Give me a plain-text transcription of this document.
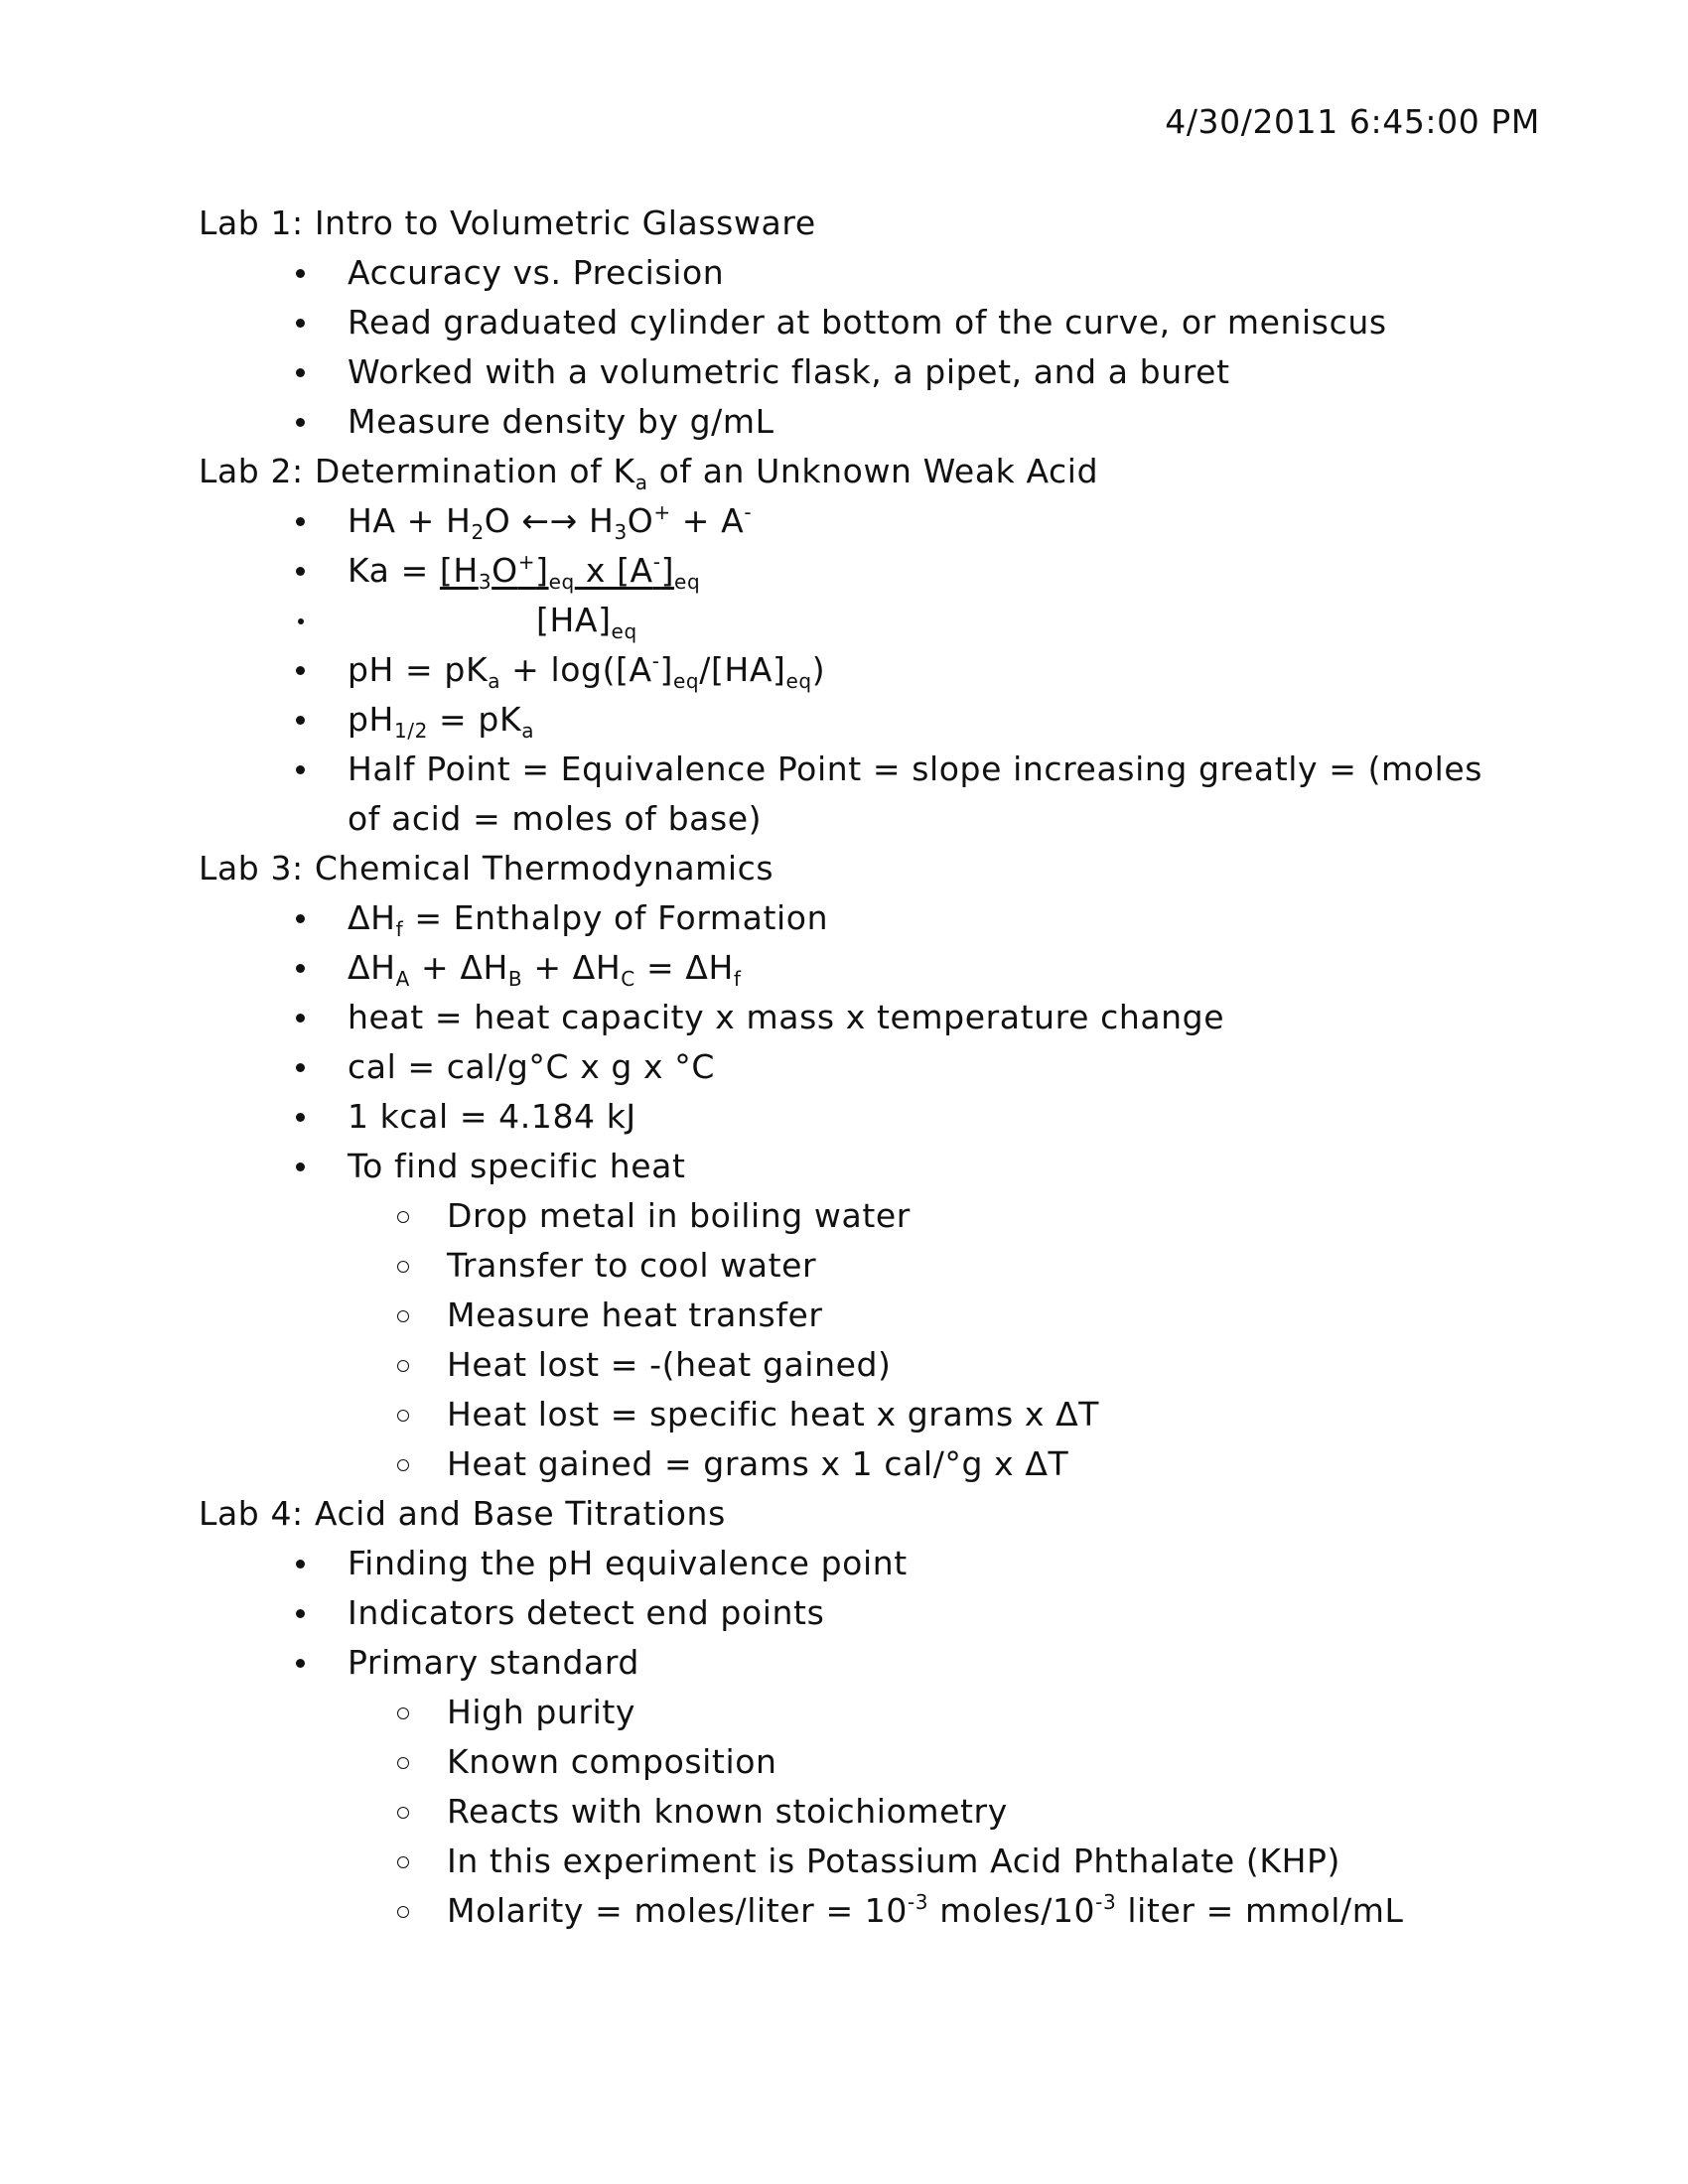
4/30/2011 6:45:00 PM
Lab 1: Intro to Volumetric Glassware
Accuracy vs. Precision
Read graduated cylinder at bottom of the curve, or meniscus
Worked with a volumetric flask, a pipet, and a buret
Measure density by g/mL
Lab 2: Determination of $K_a$ of an Unknown Weak Acid
HA + $H_2O$ ←→ $H_3O^+ + A^-$
$Ka = [H_3O^+]_{eq}$ x $[A^-]_{eq}$
$[HA]_{eq}$
pH = $pK_a + \log([A^-]_{eq}/[HA]_{eq})$
$pH_{1/2} = pK_a$
Half Point = Equivalence Point = slope increasing greatly = (moles of acid = moles of base)
Lab 3: Chemical Thermodynamics
$\Delta H_f$ = Enthalpy of Formation
$\Delta H_A + \Delta H_B + \Delta H_C = \Delta H_f$
heat = heat capacity x mass x temperature change
cal = cal/g°C x g x °C
1 kcal = 4.184 kJ
To find specific heat
Drop metal in boiling water
Transfer to cool water
Measure heat transfer
Heat lost = -(heat gained)
Heat lost = specific heat x grams x ΔT
Heat gained = grams x 1 cal/°g x ΔT
Lab 4: Acid and Base Titrations
Finding the pH equivalence point
Indicators detect end points
Primary standard
High purity
Known composition
Reacts with known stoichiometry
In this experiment is Potassium Acid Phthalate (KHP)
Molarity = moles/liter = $10^{-3}$ moles/$10^{-3}$ liter = mmol/mL
